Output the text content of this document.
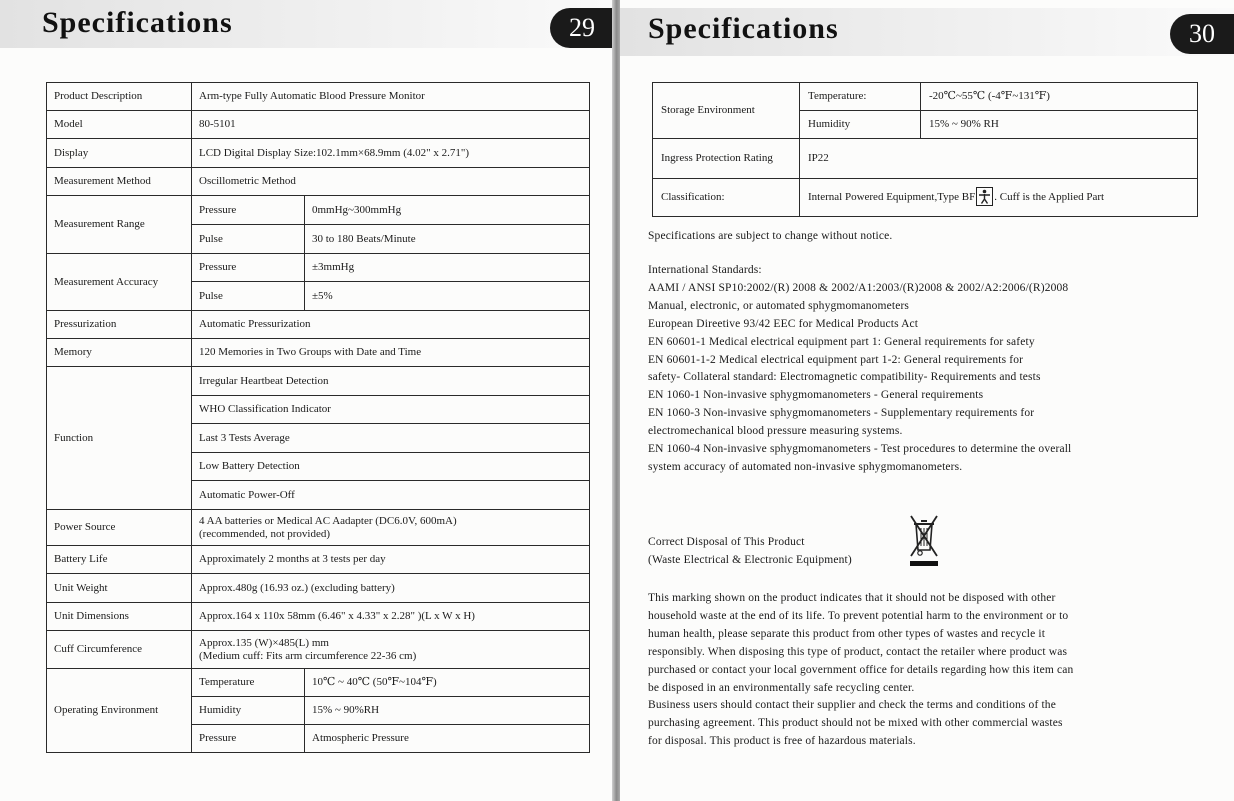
Specifications	29
Product Description	Arm-type Fully Automatic Blood Pressure Monitor	
Model	80-5101	
Display	LCD Digital Display Size:102.1mm×68.9mm (4.02" x 2.71")	
Measurement Method	Oscillometric Method	
Measurement Range	Pressure	0mmHg~300mmHg
	Pulse	30 to 180 Beats/Minute
Measurement Accuracy	Pressure	±3mmHg
	Pulse	±5%
Pressurization	Automatic Pressurization	
Memory	120 Memories in Two Groups with Date and Time	
Function	Irregular Heartbeat Detection	
	WHO Classification Indicator	
	Last 3 Tests Average	
	Low Battery Detection	
	Automatic Power-Off	
Power Source	4 AA batteries or Medical AC Aadapter (DC6.0V, 600mA)
(recommended, not provided)	

Battery Life	Approximately 2 months at 3 tests per day	
Unit Weight	Approx.480g (16.93 oz.) (excluding battery)	
Unit Dimensions	Approx.164 x 110x 58mm (6.46" x 4.33" x 2.28" )(L x W x H)	
Cuff Circumference	Approx.135 (W)×485(L) mm
(Medium cuff: Fits arm circumference 22-36 cm)	

Operating Environment	Temperature	10℃ ~ 40℃ (50℉~104℉)
	Humidity	15% ~ 90%RH
	Pressure	Atmospheric Pressure
Specifications	30
Storage Environment	Temperature:	-20℃~55℃ (-4℉~131℉)
	Humidity	15% ~ 90% RH
Ingress Protection Rating	IP22	
Classification:	Internal Powered Equipment,Type BF . Cuff is the Applied Part	

Specifications are subject to change without notice.

International Standards:

AAMI / ANSI SP10:2002/(R) 2008 & 2002/A1:2003/(R)2008 & 2002/A2:2006/(R)2008

Manual, electronic, or automated sphygmomanometers

European Direetive 93/42 EEC for Medical Products Act

EN 60601-1 Medical electrical equipment part 1: General requirements for safety

EN 60601-1-2 Medical electrical equipment part 1-2: General requirements for

safety- Collateral standard: Electromagnetic compatibility- Requirements and tests

EN 1060-1 Non-invasive sphygmomanometers - General requirements

EN 1060-3 Non-invasive sphygmomanometers - Supplementary requirements for

electromechanical blood pressure measuring systems.

EN 1060-4 Non-invasive sphygmomanometers - Test procedures to determine the overall

system accuracy of automated non-invasive sphygmomanometers.

Correct Disposal of This Product

(Waste Electrical & Electronic Equipment)

This marking shown on the product indicates that it should not be disposed with other

household waste at the end of its life. To prevent potential harm to the environment or to

human health, please separate this product from other types of wastes and recycle it

responsibly. When disposing this type of product, contact the retailer where product was

purchased or contact your local government office for details regarding how this item can

be disposed in an environmentally safe recycling center.

Business users should contact their supplier and check the terms and conditions of the

purchasing agreement. This product should not be mixed with other commercial wastes

for disposal. This product is free of hazardous materials.
